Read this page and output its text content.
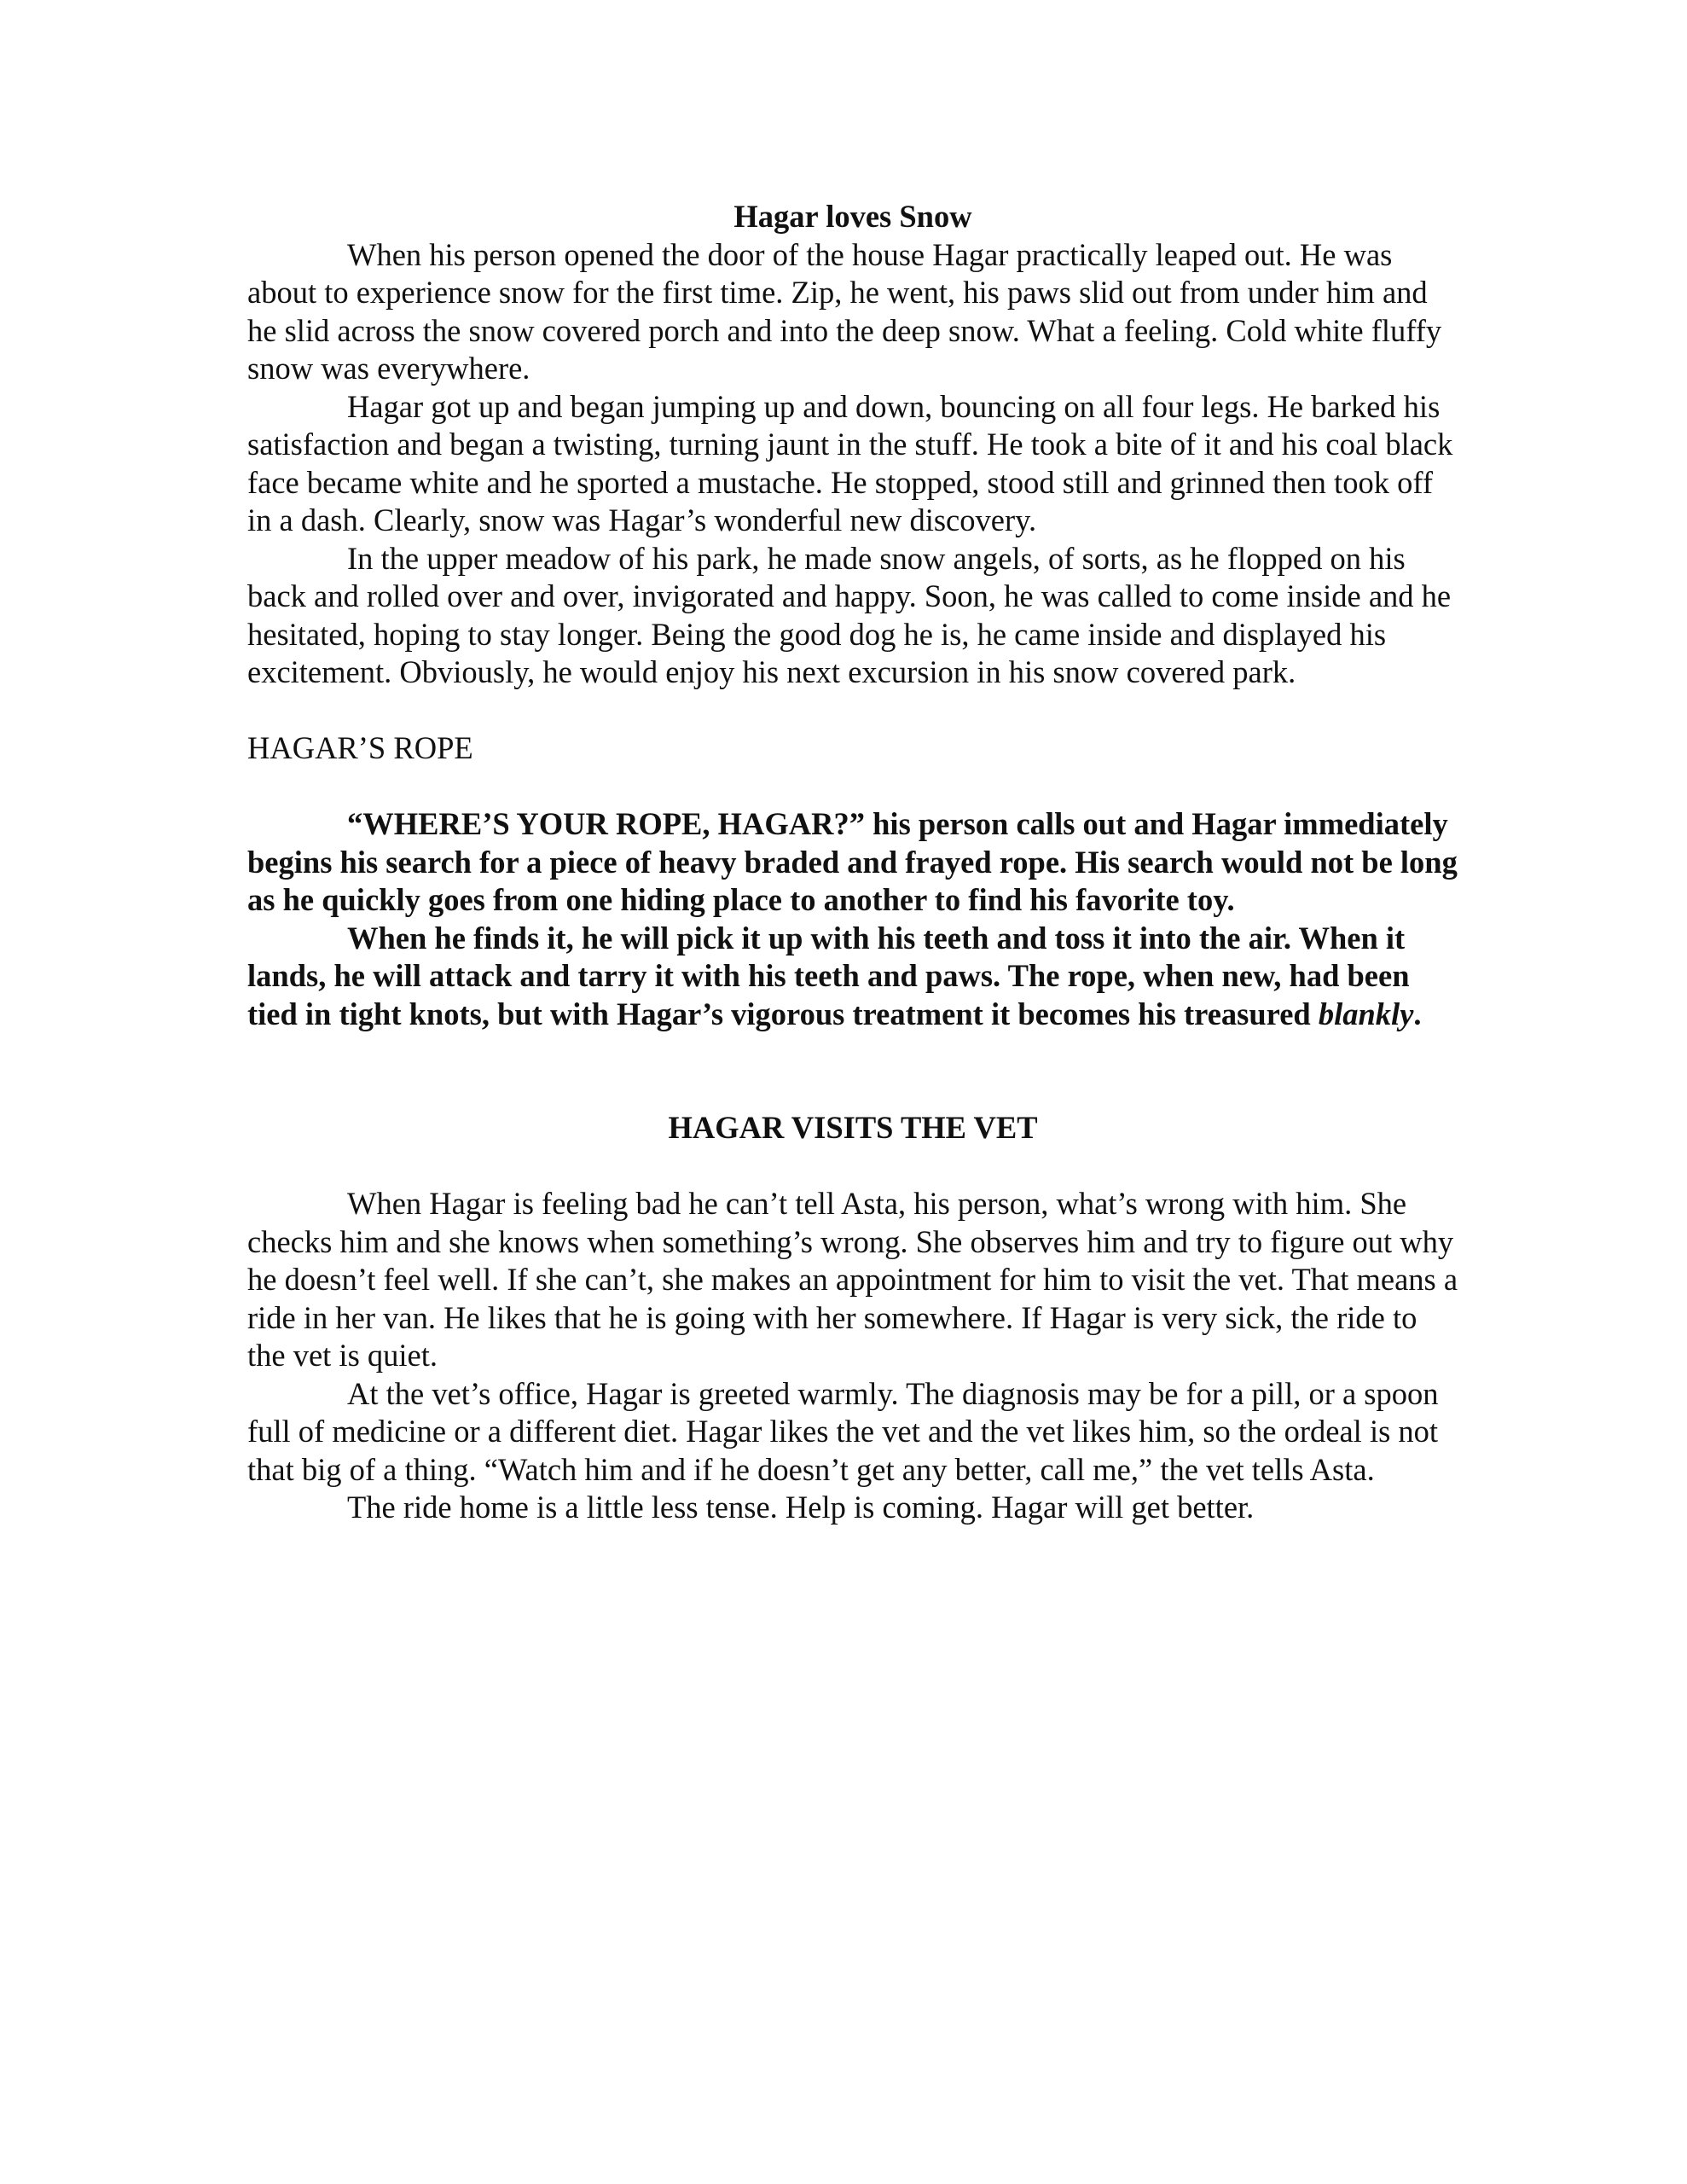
Hagar loves Snow

When his person opened the door of the house Hagar practically leaped out. He was about to experience snow for the first time. Zip, he went, his paws slid out from under him and he slid across the snow covered porch and into the deep snow. What a feeling. Cold white fluffy snow was everywhere.

Hagar got up and began jumping up and down, bouncing on all four legs. He barked his satisfaction and began a twisting, turning jaunt in the stuff. He took a bite of it and his coal black face became white and he sported a mustache. He stopped, stood still and grinned then took off in a dash. Clearly, snow was Hagar’s wonderful new discovery.

In the upper meadow of his park, he made snow angels, of sorts, as he flopped on his back and rolled over and over, invigorated and happy. Soon, he was called to come inside and he hesitated, hoping to stay longer. Being the good dog he is, he came inside and displayed his excitement. Obviously, he would enjoy his next excursion in his snow covered park.

HAGAR’S ROPE

“WHERE’S YOUR ROPE, HAGAR?” his person calls out and Hagar immediately begins his search for a piece of heavy braded and frayed rope. His search would not be long as he quickly goes from one hiding place to another to find his favorite toy.

When he finds it, he will pick it up with his teeth and toss it into the air. When it lands, he will attack and tarry it with his teeth and paws. The rope, when new, had been tied in tight knots, but with Hagar’s vigorous treatment it becomes his treasured blankly.

HAGAR VISITS THE VET

When Hagar is feeling bad he can’t tell Asta, his person, what’s wrong with him. She checks him and she knows when something’s wrong. She observes him and try to figure out why he doesn’t feel well. If she can’t, she makes an appointment for him to visit the vet. That means a ride in her van. He likes that he is going with her somewhere. If Hagar is very sick, the ride to the vet is quiet.

At the vet’s office, Hagar is greeted warmly. The diagnosis may be for a pill, or a spoon full of medicine or a different diet. Hagar likes the vet and the vet likes him, so the ordeal is not that big of a thing. “Watch him and if he doesn’t get any better, call me,” the vet tells Asta.

The ride home is a little less tense. Help is coming. Hagar will get better.
